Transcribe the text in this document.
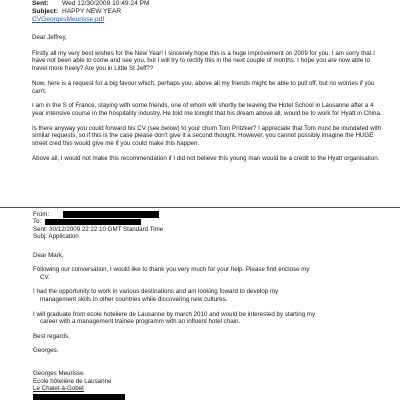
Sent: Wed 12/30/2009 10:49:24 PM
Subject: HAPPY NEW YEAR
CVGeorgesMeurisse.pdf

Dear Jeffrey,

Firstly all my very best wishes for the New Year! I sincerely hope this is a huge improvement on 2009 for you. I am sorry that I have not been able to come and see you, but I will try to rectify this in the next couple of months. I hope you are now able to travel more freely? Are you in Little St Jeff??

Now, here is a request for a big favour which, perhaps you, above all my friends might be able to pull off, but no worries if you can't.

I am in the S of France, staying with some friends, one of whom will shortly be leaving the Hotel School in Lausanne after a 4 year intensive course in the hospitality industry. He told me tonight that his dream above all, would be to work for Hyatt in China.

Is there anyway you could forward his CV (see below) to your chum Tom Pritzker? I appreciate that Tom must be inundated with similar requests, so if this is the case please don't give it a second thought. However, you cannot possibly imagine the HUGE street cred this would give me if you could make this happen.

Above all, I would not make this recommendation if I did not believe this young man would be a credit to the Hyatt organisation.

From:
To:
Sent: 30/12/2009 22:22:10 GMT Standard Time
Subj: Application

Dear Mark,

Following our conversation, I would like to thank you very much for your help. Please find enclose my
CV.

I had the opportunity to work in various destinations and am looking foward to develop my
management skills in other countries while discovering new cultures.

I will graduate from ecole hoteliere de Lausanne by march 2010 and would be interested by starting my
career with a management trainee programm with an influent hotel chain.

Best regards,

Georges.

Georges Meurisse
Ecole hôtelière de Lausanne
Le Chalet-à-Gobet
